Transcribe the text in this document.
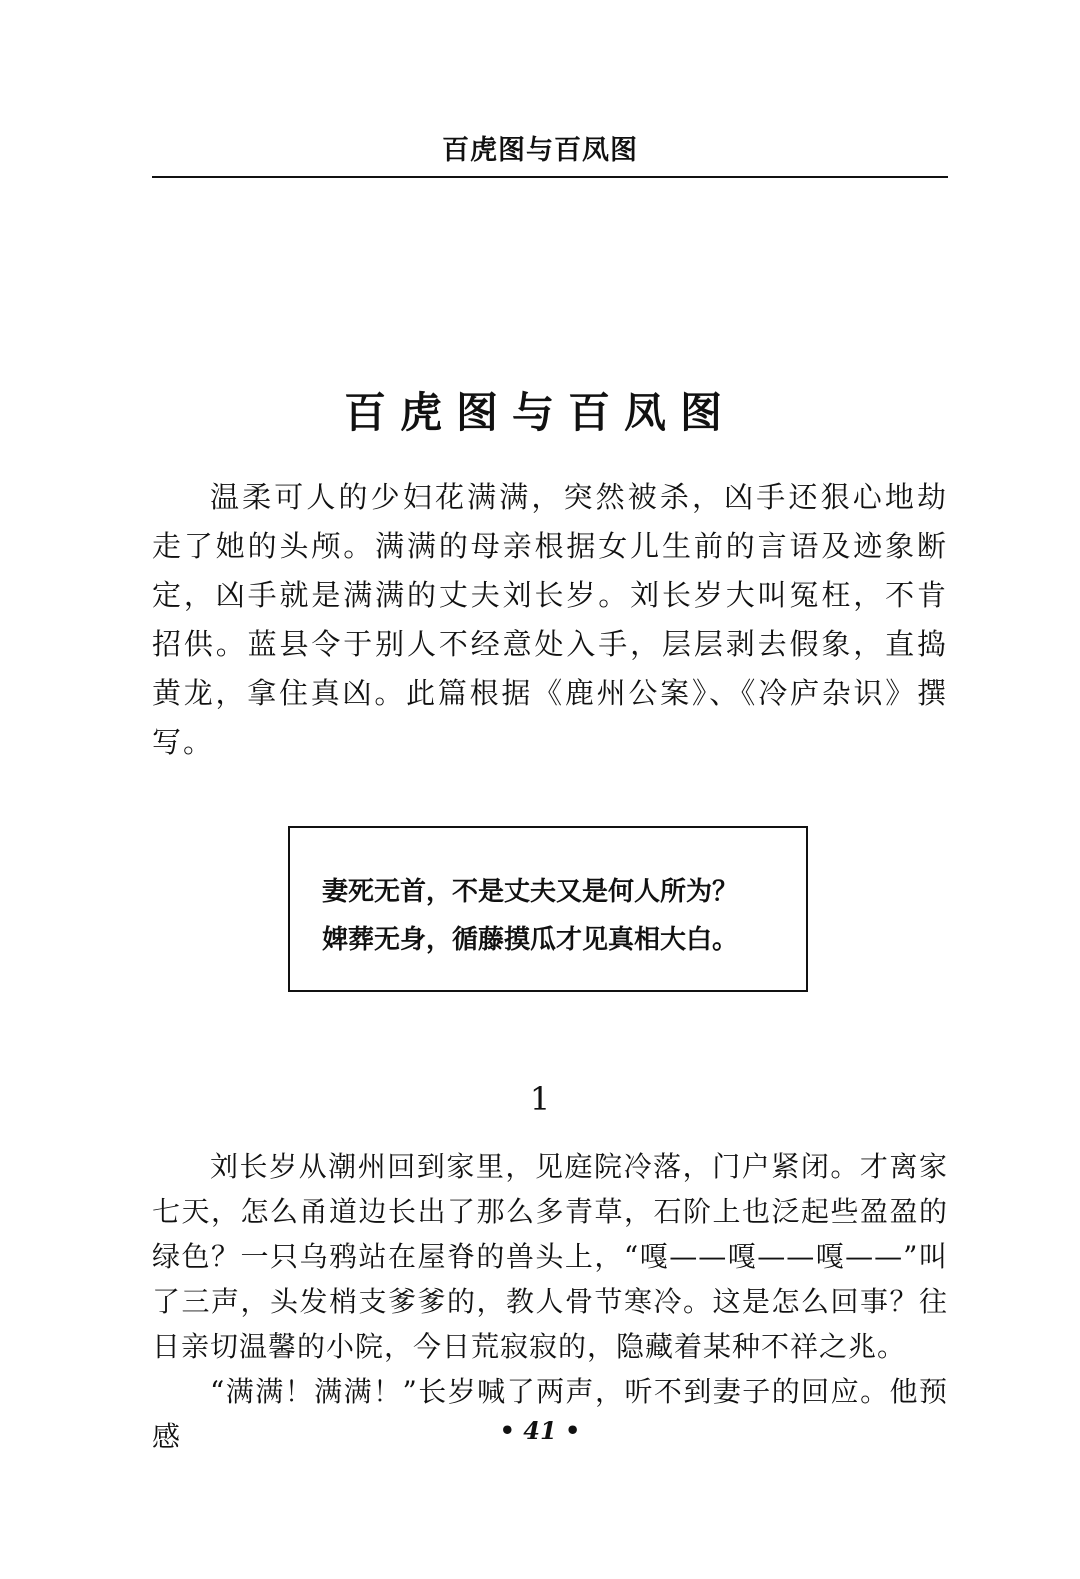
百虎图与百凤图
百虎图与百凤图

温柔可人的少妇花满满，突然被杀，凶手还狠心地劫走了她的头颅。满满的母亲根据女儿生前的言语及迹象断定，凶手就是满满的丈夫刘长岁。刘长岁大叫冤枉，不肯招供。蓝县令于别人不经意处入手，层层剥去假象，直捣黄龙，拿住真凶。此篇根据《鹿州公案》、《冷庐杂识》撰写。

妻死无首，不是丈夫又是何人所为？
婢葬无身，循藤摸瓜才见真相大白。
1

刘长岁从潮州回到家里，见庭院冷落，门户紧闭。才离家七天，怎么甬道边长出了那么多青草，石阶上也泛起些盈盈的绿色？一只乌鸦站在屋脊的兽头上，“嘎——嘎——嘎——”叫了三声，头发梢支爹爹的，教人骨节寒冷。这是怎么回事？往日亲切温馨的小院，今日荒寂寂的，隐藏着某种不祥之兆。

“满满！满满！”长岁喊了两声，听不到妻子的回应。他预感	• 41 •
